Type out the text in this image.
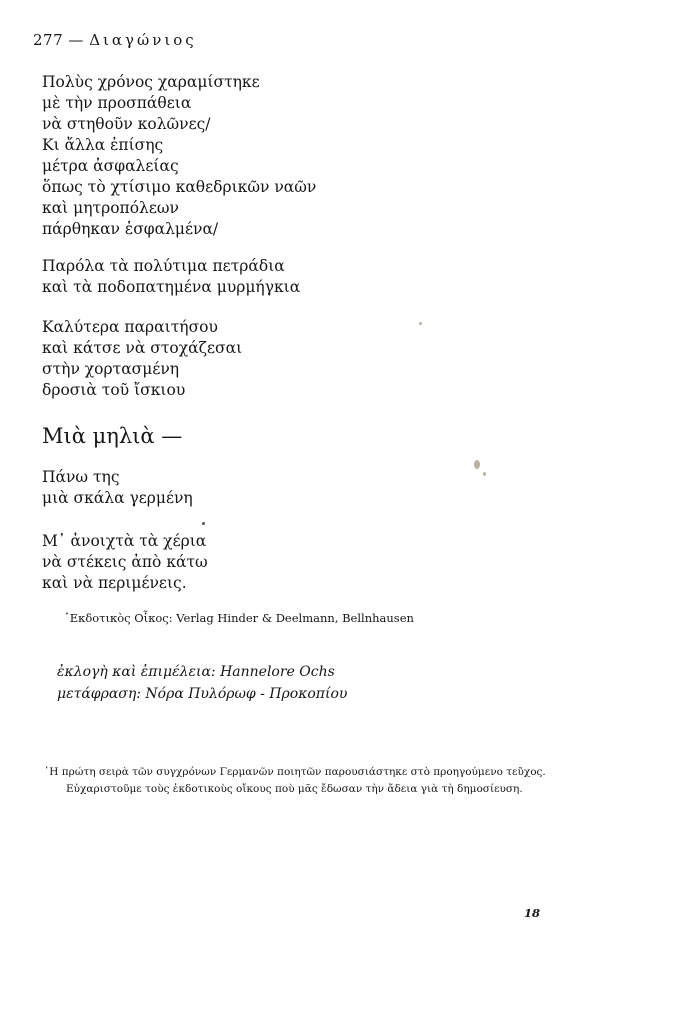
277 — Διαγώνιος
Πολὺς χρόνος χαραμίστηκε
μὲ τὴν προσπάθεια
νὰ στηθοῦν κολῶνες/
Κι ἄλλα ἐπίσης
μέτρα ἀσφαλείας
ὅπως τὸ χτίσιμο καθεδρικῶν ναῶν
καὶ μητροπόλεων
πάρθηκαν ἐσφαλμένα/
Παρόλα τὰ πολύτιμα πετράδια
καὶ τὰ ποδοπατημένα μυρμήγκια
Καλύτερα παραιτήσου
καὶ κάτσε νὰ στοχάζεσαι
στὴν χορτασμένη
δροσιὰ τοῦ ἴσκιου
Μιὰ μηλιὰ —
Πάνω της
μιὰ σκάλα γερμένη
Μ᾽ ἀνοιχτὰ τὰ χέρια
νὰ στέκεις ἀπὸ κάτω
καὶ νὰ περιμένεις.
᾽Εκδοτικὸς Οἶκος: Verlag Hinder & Deelmann, Bellnhausen
ἐκλογὴ καὶ ἐπιμέλεια: Hannelore Ochs
μετάφραση: Νόρα Πυλόρωφ - Προκοπίου

῾Η πρώτη σειρὰ τῶν συγχρόνων Γερμανῶν ποιητῶν παρουσιάστηκε στὸ προηγούμενο τεῦχος.

Εὐχαριστοῦμε τοὺς ἐκδοτικοὺς οἴκους ποὺ μᾶς ἔδωσαν τὴν ἄδεια γιὰ τὴ δημοσίευση.

18
